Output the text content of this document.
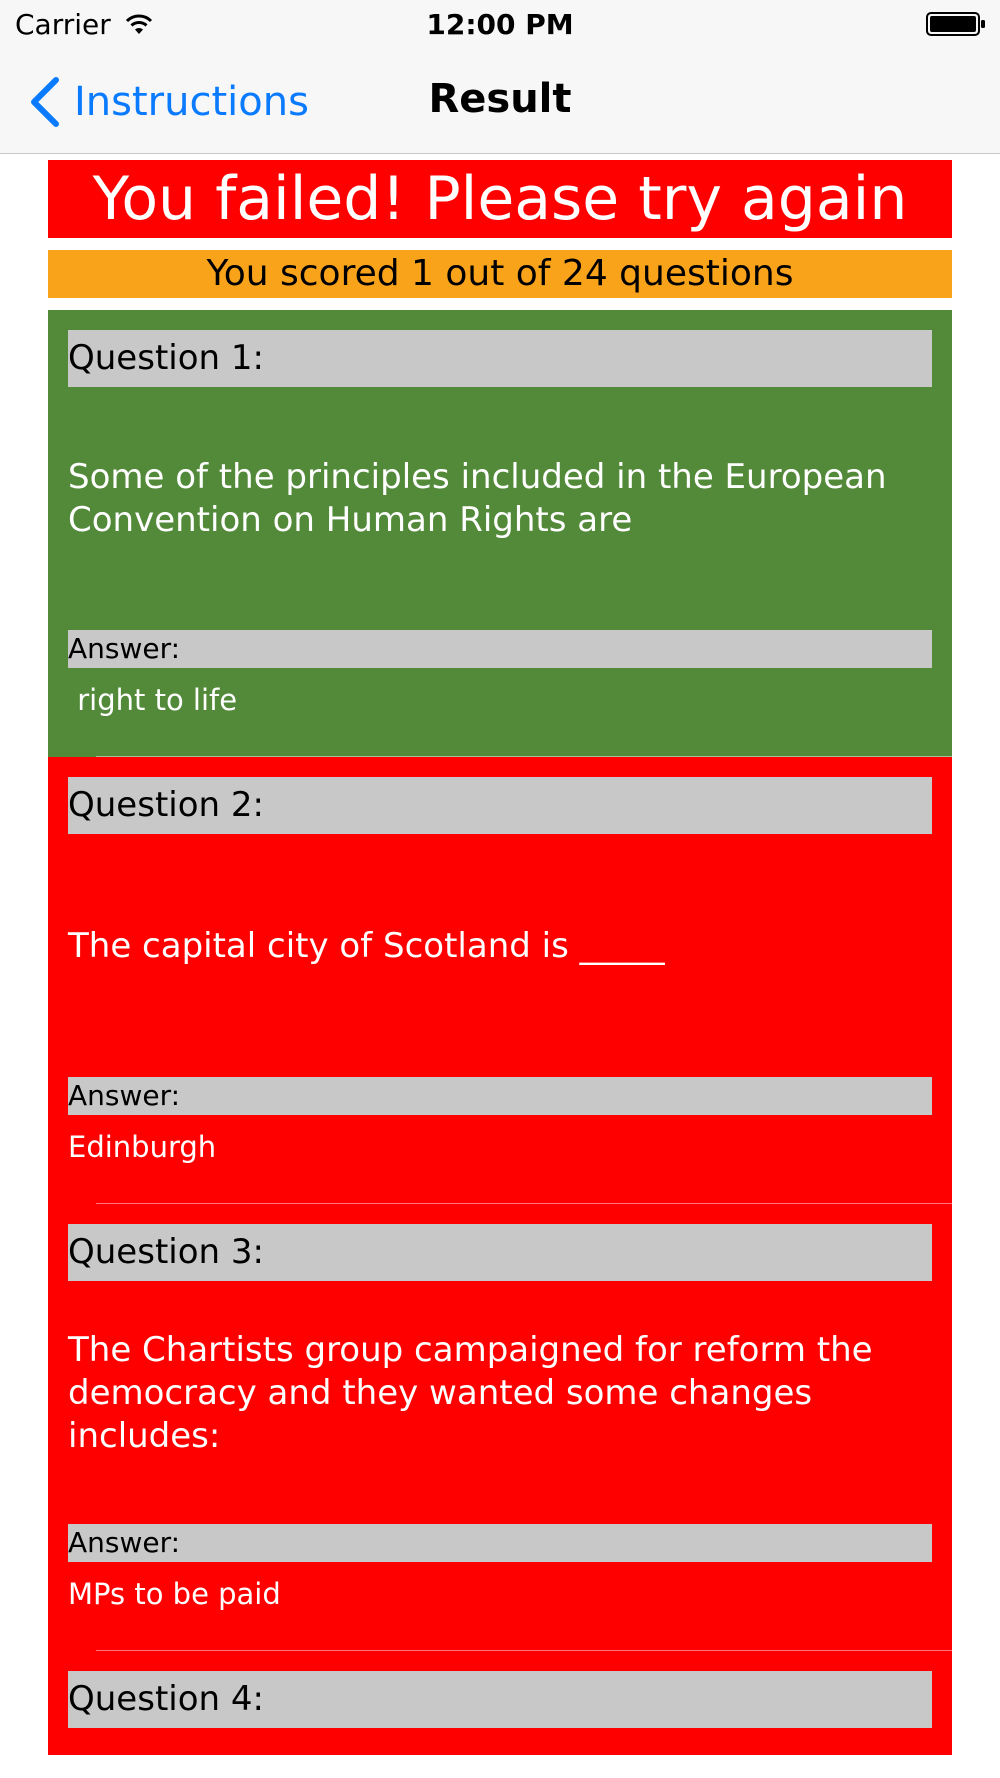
Carrier	12:00 PM
Instructions	Result
You failed! Please try again
You scored 1 out of 24 questions
Question 1:
Some of the principles included in the European Convention on Human Rights are
Answer:
right to life
Question 2:
The capital city of Scotland is _____
Answer:
Edinburgh
Question 3:
The Chartists group campaigned for reform the democracy and they wanted some changes includes:
Answer:
MPs to be paid
Question 4:
